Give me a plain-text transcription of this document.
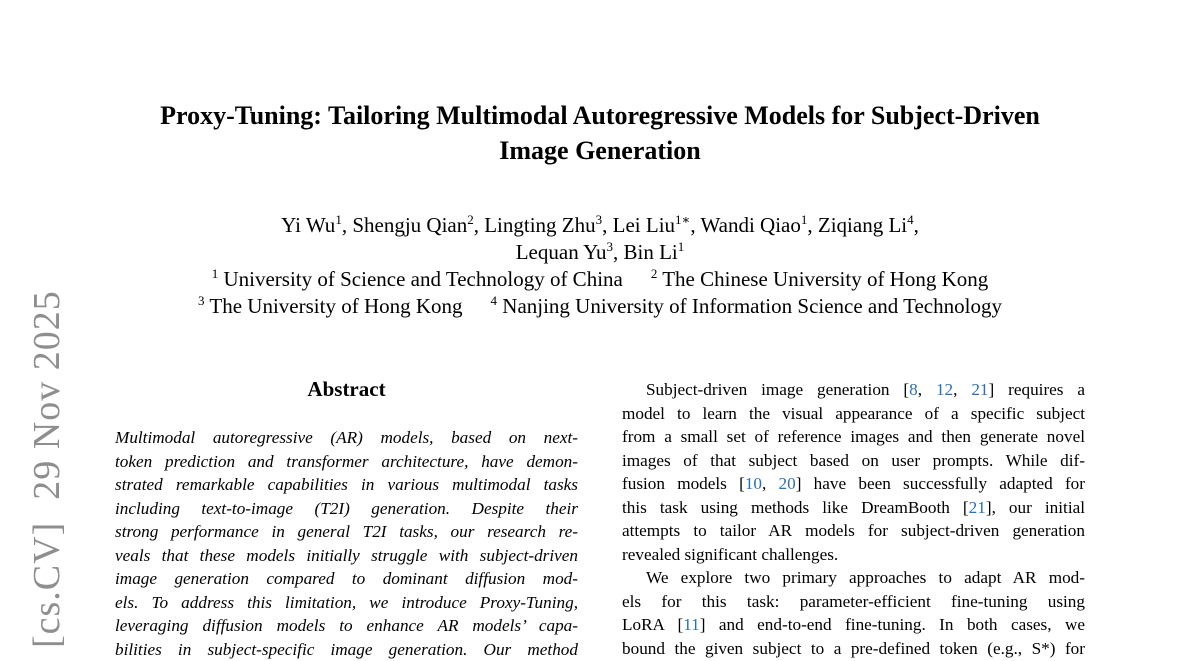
[cs.CV]29 Nov 2025
Proxy-Tuning: Tailoring Multimodal Autoregressive Models for Subject-Driven
Image Generation
Yi Wu$^1$, Shengju Qian$^2$, Lingting Zhu$^3$, Lei Liu$^{1∗}$, Wandi Qiao$^1$, Ziqiang Li$^4$,
Lequan Yu$^3$, Bin Li$^1$
$^1$ University of Science and Technology of China $^2$ The Chinese University of Hong Kong
$^3$ The University of Hong Kong $^4$ Nanjing University of Information Science and Technology
Abstract
Multimodal autoregressive (AR) models, based on next-
token prediction and transformer architecture, have demon-
strated remarkable capabilities in various multimodal tasks
including text-to-image (T2I) generation. Despite their
strong performance in general T2I tasks, our research re-
veals that these models initially struggle with subject-driven
image generation compared to dominant diffusion mod-
els. To address this limitation, we introduce Proxy-Tuning,
leveraging diffusion models to enhance AR models’ capa-
bilities in subject-specific image generation. Our method
Subject-driven image generation [8, 12, 21] requires a
model to learn the visual appearance of a specific subject
from a small set of reference images and then generate novel
images of that subject based on user prompts. While dif-
fusion models [10, 20] have been successfully adapted for
this task using methods like DreamBooth [21], our initial
attempts to tailor AR models for subject-driven generation
revealed significant challenges.
We explore two primary approaches to adapt AR mod-
els for this task: parameter-efficient fine-tuning using
LoRA [11] and end-to-end fine-tuning. In both cases, we
bound the given subject to a pre-defined token (e.g., S*) for
